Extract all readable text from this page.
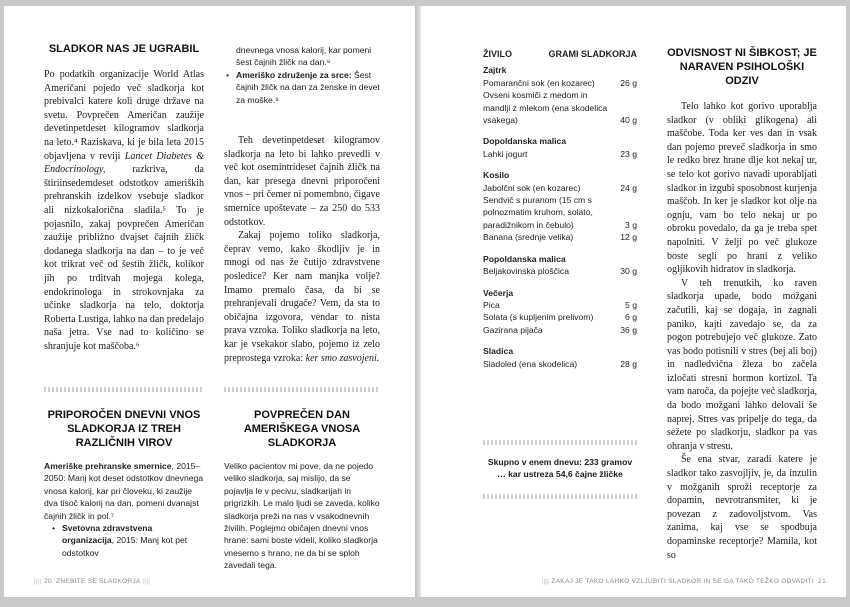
SLADKOR NAS JE UGRABIL

Po podatkih organizacije World Atlas Američani pojedo več sladkorja kot prebivalci katere koli druge države na svetu. Povprečen Američan zaužije devetinpetdeset kilogramov sladkorja na leto.⁴ Raziskava, ki je bila leta 2015 objavljena v reviji Lancet Diabetes & Endocrinology,	razkriva, da štiriinsedemdeset odstotkov ameriških prehranskih izdelkov vsebuje sladkor ali nizkokalorična sladila.⁵ To je pojasnilo, zakaj povprečen Američan zaužije približno dvajset čajnih žličk dodanega sladkorja na dan – to je več kot trikrat več od šestih žličk, kolikor jih po trditvah mojega kolega, endokrinologa in strokovnjaka za učinke sladkorja na telo, doktorja Roberta Lustiga, lahko na dan predelajo naša jetra. Vse nad to količino se shranjuje kot maščoba.⁶

dnevnega vnosa kalorij, kar pomeni šest čajnih žličk na dan.⁸

• Ameriško združenje za srce: Šest čajnih žličk na dan za ženske in devet za moške.⁹

Teh devetinpetdeset kilogramov sladkorja na leto bi lahko prevedli v več kot osemintrideset čajnih žličk na dan, kar presega dnevni priporočeni vnos – pri čemer ni pomembno, čigave smernice upoštevate – za 250 do 533 odstotkov.

Zakaj pojemo toliko sladkorja, čeprav vemo, kako škodljiv je in mnogi od nas že čutijo zdravstvene posledice? Ker nam manjka volje? Imamo premalo časa, da bi se prehranjevali drugače? Vem, da sta to običajna izgovora, vendar to nista prava vzroka. Toliko sladkorja na leto, kar je vsekakor slabo, pojemo iz zelo preprostega vzroka: ker smo zasvojeni.

PRIPOROČEN DNEVNI VNOS SLADKORJA IZ TREH RAZLIČNIH VIROV

Ameriške prehranske smernice, 2015–2050: Manj kot deset odstotkov dnevnega vnosa kalorij, kar pri človeku, ki zaužije dva tisoč kalorij na dan, pomeni dvanajst čajnih žličk in pol.⁷

• Svetovna zdravstvena organizacija, 2015: Manj kot pet odstotkov
POVPREČEN DAN AMERIŠKEGA VNOSA SLADKORJA

Veliko pacientov mi pove, da ne pojedo veliko sladkorja, saj mislijo, da se pojavlja le v pecivu, sladkarijah in prigrizkih. Le malo ljudi se zaveda, koliko sladkorja preži na nas v vsakodnevnih živilih. Poglejmo običajen dnevni vnos hrane: sami boste videli, koliko sladkorja vnesemo s hrano, ne da bi se sploh zavedali tega.

|||| 20 ZNEBITE SE SLADKORJA ||||
ŽIVILO	GRAMI SLADKORJA
Zajtrk
Pomarančni sok (en kozarec)	26 g
Ovseni kosmiči z medom in mandlji z mlekom (ena skodelica vsakega)	40 g
Dopoldanska malica
Lahki jogurt	23 g
Kosilo
Jabolčni sok (en kozarec)	24 g
Sendvič s puranom (15 cm s polnozmatim kruhom, solato, paradižnikom in čebulo)	3 g
Banana (srednje velika)	12 g
Popoldanska malica
Beljakovinska ploščica	30 g
Večerja
Pica	5 g
Solata (s kupljenim prelivom)	6 g
Gazirana pijača	36 g
Sladica
Sladoled (ena skodelica)	28 g
Skupno v enem dnevu: 233 gramov
… kar ustreza 54,6 čajne žličke
ODVISNOST NI ŠIBKOST; JE NARAVEN PSIHOLOŠKI ODZIV

Telo lahko kot gorivo uporablja sladkor (v obliki glikogena) ali maščobe. Toda ker ves dan in vsak dan pojemo preveč sladkorja in smo le redko brez hrane dlje kot nekaj ur, se telo kot gorivo navadi uporabljati sladkor in izgubi sposobnost kurjenja maščob. In ker je sladkor kot olje na ognju, vam bo telo nekaj ur po obroku povedalo, da ga je treba spet napolniti. V želji po več glukoze boste segli po hrani z veliko ogljikovih hidratov in sladkorja.

V teh trenutkih, ko raven sladkorja upade, bodo možgani začutili, kaj se dogaja, in zagnali paniko, kajti zavedajo se, da za pogon potrebujejo več glukoze. Zato vas bodo potisnili v stres (bej ali boj) in nadledvična žleza bo začela izločati stresni hormon kortizol. Ta vam naroča, da pojejte več sladkorja, da bodo možgani lahko delovali še naprej. Stres vas pripelje do tega, da sežete po sladkorju, sladkor pa vas ohranja v stresu.

Še ena stvar, zaradi katere je sladkor tako zasvojljiv, je, da inzulin v možganih sproži receptorje za dopamin, nevrotransmiter, ki je povezan z zadovoljstvom. Vas zanima, kaj vse se spodbuja dopaminske receptorje? Mamila, kot so

|||| ZAKAJ JE TAKO LAHKO VZLJUBITI SLADKOR IN SE GA TAKO TEŽKO ODVADITI 21
